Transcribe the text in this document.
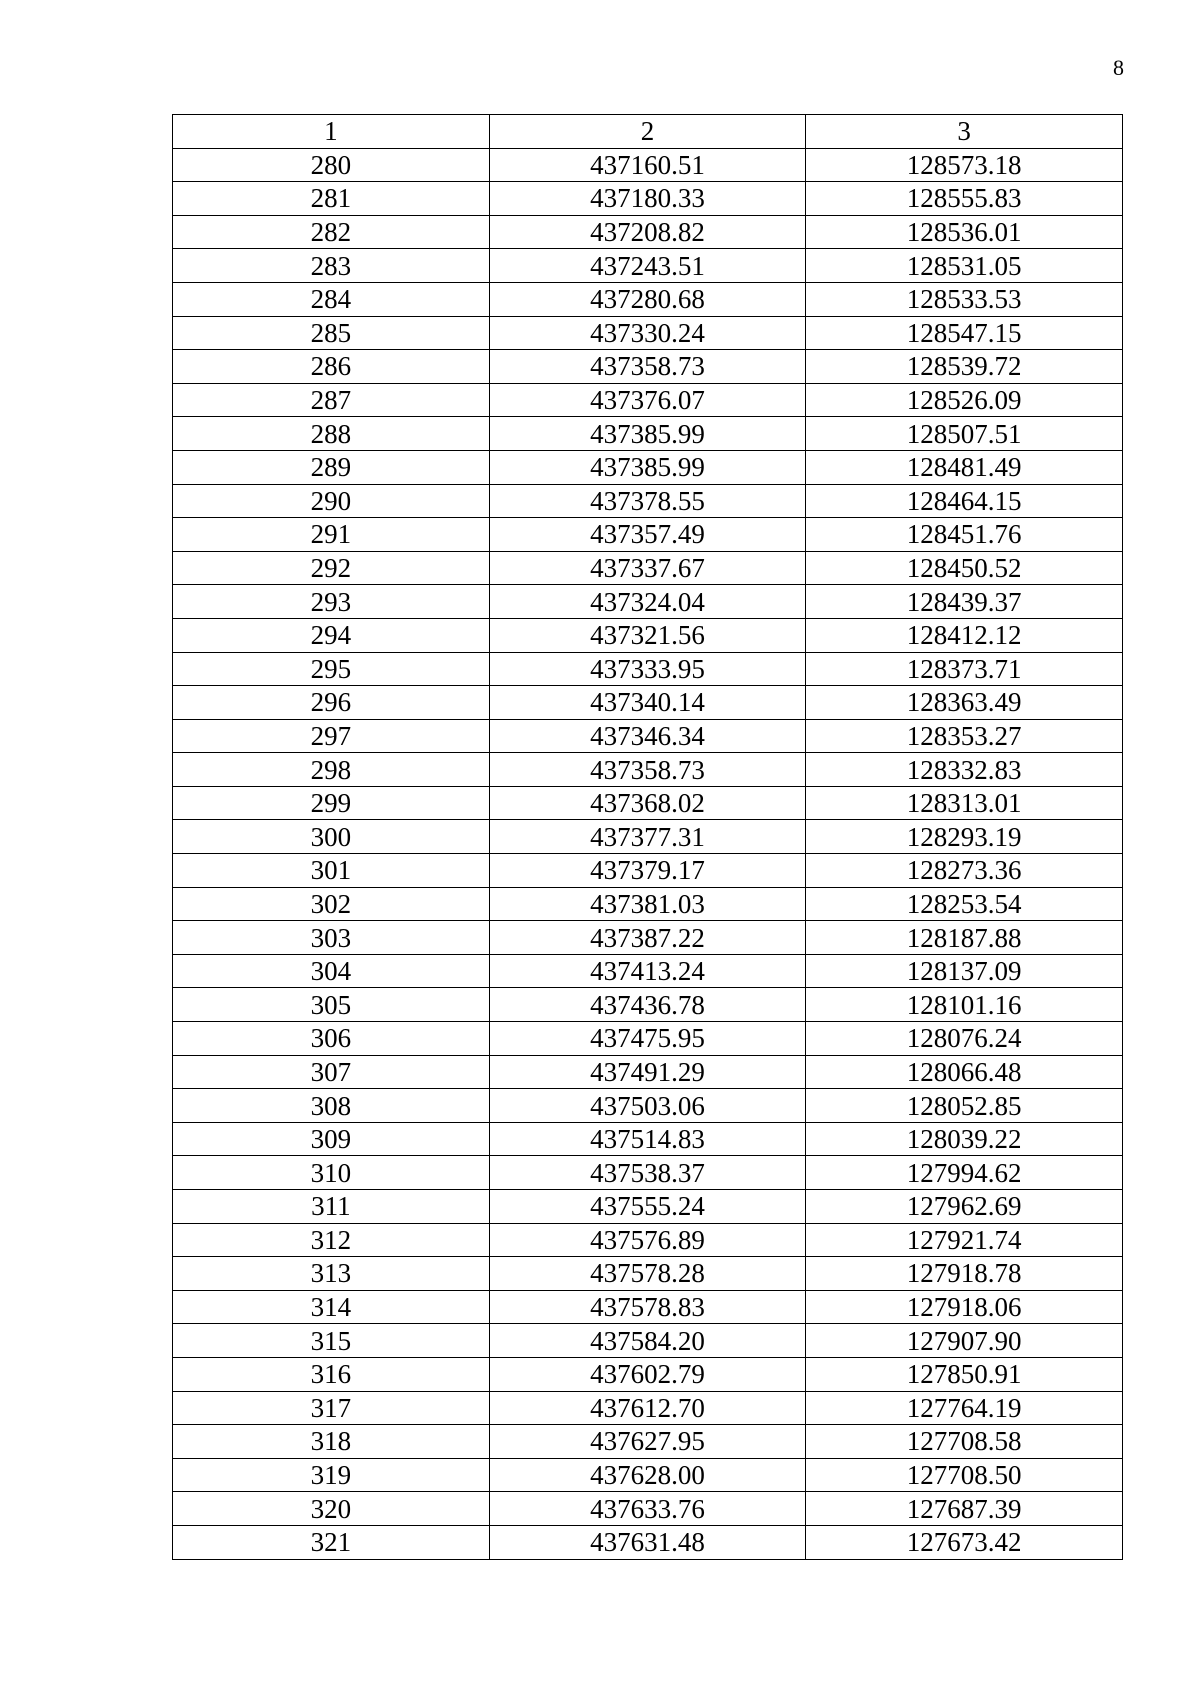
8
1	2	3
280	437160.51	128573.18
281	437180.33	128555.83
282	437208.82	128536.01
283	437243.51	128531.05
284	437280.68	128533.53
285	437330.24	128547.15
286	437358.73	128539.72
287	437376.07	128526.09
288	437385.99	128507.51
289	437385.99	128481.49
290	437378.55	128464.15
291	437357.49	128451.76
292	437337.67	128450.52
293	437324.04	128439.37
294	437321.56	128412.12
295	437333.95	128373.71
296	437340.14	128363.49
297	437346.34	128353.27
298	437358.73	128332.83
299	437368.02	128313.01
300	437377.31	128293.19
301	437379.17	128273.36
302	437381.03	128253.54
303	437387.22	128187.88
304	437413.24	128137.09
305	437436.78	128101.16
306	437475.95	128076.24
307	437491.29	128066.48
308	437503.06	128052.85
309	437514.83	128039.22
310	437538.37	127994.62
311	437555.24	127962.69
312	437576.89	127921.74
313	437578.28	127918.78
314	437578.83	127918.06
315	437584.20	127907.90
316	437602.79	127850.91
317	437612.70	127764.19
318	437627.95	127708.58
319	437628.00	127708.50
320	437633.76	127687.39
321	437631.48	127673.42
